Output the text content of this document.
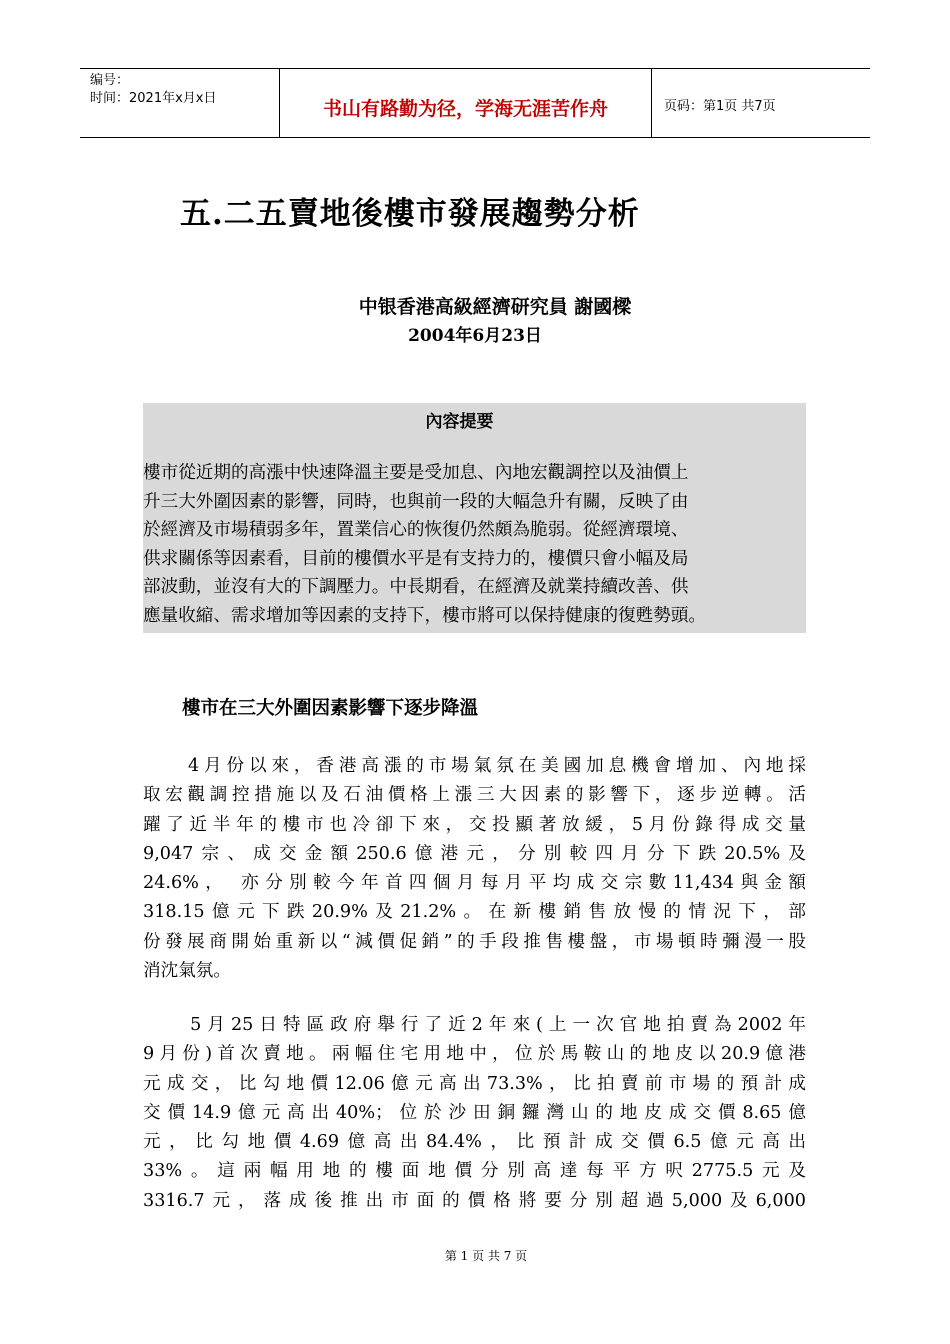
编号：
时间：2021年x月x日	书山有路勤为径，学海无涯苦作舟	页码：第1页 共7页
五.二五賣地後樓市發展趨勢分析
中银香港高級經濟研究員 謝國樑
2004年6月23日
內容提要
樓市從近期的高漲中快速降溫主要是受加息、內地宏觀調控以及油價上
升三大外圍因素的影響，同時，也與前一段的大幅急升有關，反映了由
於經濟及市場積弱多年，置業信心的恢復仍然頗為脆弱。從經濟環境、
供求關係等因素看，目前的樓價水平是有支持力的，樓價只會小幅及局
部波動，並沒有大的下調壓力。中長期看，在經濟及就業持續改善、供
應量收縮、需求增加等因素的支持下，樓市將可以保持健康的復甦勢頭。
樓市在三大外圍因素影響下逐步降溫
　　4月份以來，香港高漲的市場氣氛在美國加息機會增加、內地採
取宏觀調控措施以及石油價格上漲三大因素的影響下，逐步逆轉。活
躍了近半年的樓市也冷卻下來，交投顯著放緩，5月份錄得成交量
9,047宗、成交金額250.6億港元，分別較四月分下跌20.5%及
24.6%， 亦分別較今年首四個月每月平均成交宗數11,434與金額
318.15億元下跌20.9%及21.2%。在新樓銷售放慢的情況下，部
份發展商開始重新以“減價促銷”的手段推售樓盤，市場頓時彌漫一股
消沈氣氛。
　　5月25日特區政府舉行了近2年來(上一次官地拍賣為2002年
9月份)首次賣地。兩幅住宅用地中，位於馬鞍山的地皮以20.9億港
元成交，比勾地價12.06億元高出73.3%，比拍賣前市場的預計成
交價14.9億元高出40%；位於沙田銅鑼灣山的地皮成交價8.65億
元，比勾地價4.69億高出84.4%，比預計成交價6.5億元高出
33%。這兩幅用地的樓面地價分別高達每平方呎2775.5元及
3316.7元，落成後推出市面的價格將要分別超過5,000及6,000
第 1 页 共 7 页
